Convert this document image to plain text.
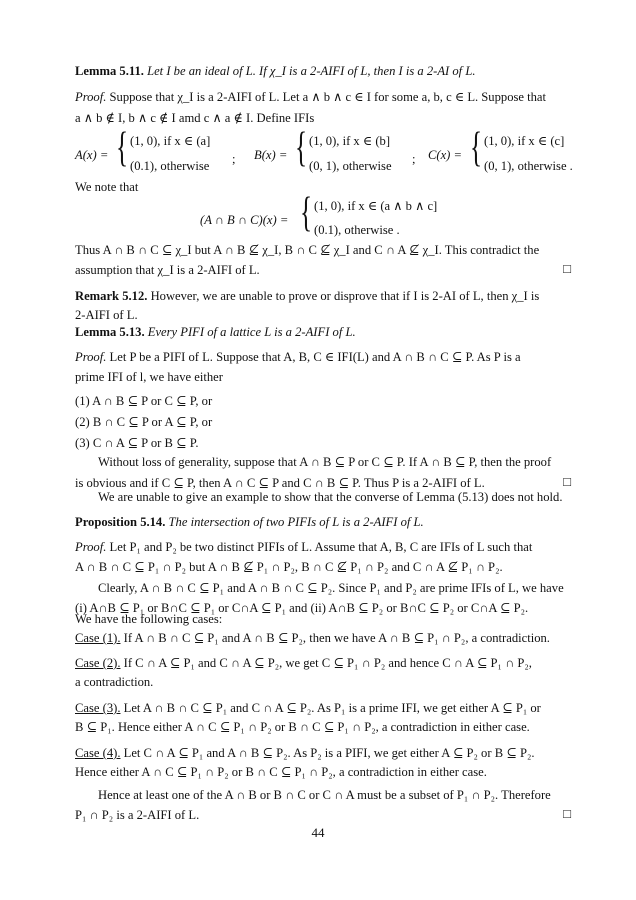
Lemma 5.11. Let I be an ideal of L. If χ_I is a 2-AIFI of L, then I is a 2-AI of L.

Proof. Suppose that χ_I is a 2-AIFI of L. Let a ∧ b ∧ c ∈ I for some a, b, c ∈ L. Suppose that

a ∧ b ∉ I, b ∧ c ∉ I amd c ∧ a ∉ I. Define IFIs

A(x) = { (1, 0), if x ∈ (a]
(0.1), otherwise ; B(x) = { (1, 0), if x ∈ (b]
(0, 1), otherwise ; C(x) = { (1, 0), if x ∈ (c]
(0, 1), otherwise .

We note that

(A ∩ B ∩ C)(x) = { (1, 0), if x ∈ (a ∧ b ∧ c]
(0.1), otherwise .

Thus A ∩ B ∩ C ⊆ χ_I but A ∩ B ⊈ χ_I, B ∩ C ⊈ χ_I and C ∩ A ⊈ χ_I. This contradict the

assumption that χ_I is a 2-AIFI of L.	□

Remark 5.12. However, we are unable to prove or disprove that if I is 2-AI of L, then χ_I is

2-AIFI of L.

Lemma 5.13. Every PIFI of a lattice L is a 2-AIFI of L.

Proof. Let P be a PIFI of L. Suppose that A, B, C ∈ IFI(L) and A ∩ B ∩ C ⊆ P. As P is a

prime IFI of l, we have either

(1) A ∩ B ⊆ P or C ⊆ P, or

(2) B ∩ C ⊆ P or A ⊆ P, or

(3) C ∩ A ⊆ P or B ⊆ P.

Without loss of generality, suppose that A ∩ B ⊆ P or C ⊆ P. If A ∩ B ⊆ P, then the proof

is obvious and if C ⊆ P, then A ∩ C ⊆ P and C ∩ B ⊆ P. Thus P is a 2-AIFI of L.	□

We are unable to give an example to show that the converse of Lemma (5.13) does not hold.

Proposition 5.14. The intersection of two PIFIs of L is a 2-AIFI of L.

Proof. Let P₁ and P₂ be two distinct PIFIs of L. Assume that A, B, C are IFIs of L such that

A ∩ B ∩ C ⊆ P₁ ∩ P₂ but A ∩ B ⊈ P₁ ∩ P₂, B ∩ C ⊈ P₁ ∩ P₂ and C ∩ A ⊈ P₁ ∩ P₂.

Clearly, A ∩ B ∩ C ⊆ P₁ and A ∩ B ∩ C ⊆ P₂. Since P₁ and P₂ are prime IFIs of L, we have

(i) A∩B ⊆ P₁ or B∩C ⊆ P₁ or C∩A ⊆ P₁ and (ii) A∩B ⊆ P₂ or B∩C ⊆ P₂ or C∩A ⊆ P₂.

We have the following cases:

Case (1). If A ∩ B ∩ C ⊆ P₁ and A ∩ B ⊆ P₂, then we have A ∩ B ⊆ P₁ ∩ P₂, a contradiction.

Case (2). If C ∩ A ⊆ P₁ and C ∩ A ⊆ P₂, we get C ⊆ P₁ ∩ P₂ and hence C ∩ A ⊆ P₁ ∩ P₂,

a contradiction.

Case (3). Let A ∩ B ∩ C ⊆ P₁ and C ∩ A ⊆ P₂. As P₁ is a prime IFI, we get either A ⊆ P₁ or

B ⊆ P₁. Hence either A ∩ C ⊆ P₁ ∩ P₂ or B ∩ C ⊆ P₁ ∩ P₂, a contradiction in either case.

Case (4). Let C ∩ A ⊆ P₁ and A ∩ B ⊆ P₂. As P₂ is a PIFI, we get either A ⊆ P₂ or B ⊆ P₂.

Hence either A ∩ C ⊆ P₁ ∩ P₂ or B ∩ C ⊆ P₁ ∩ P₂, a contradiction in either case.

Hence at least one of the A ∩ B or B ∩ C or C ∩ A must be a subset of P₁ ∩ P₂. Therefore

P₁ ∩ P₂ is a 2-AIFI of L.	□
44
